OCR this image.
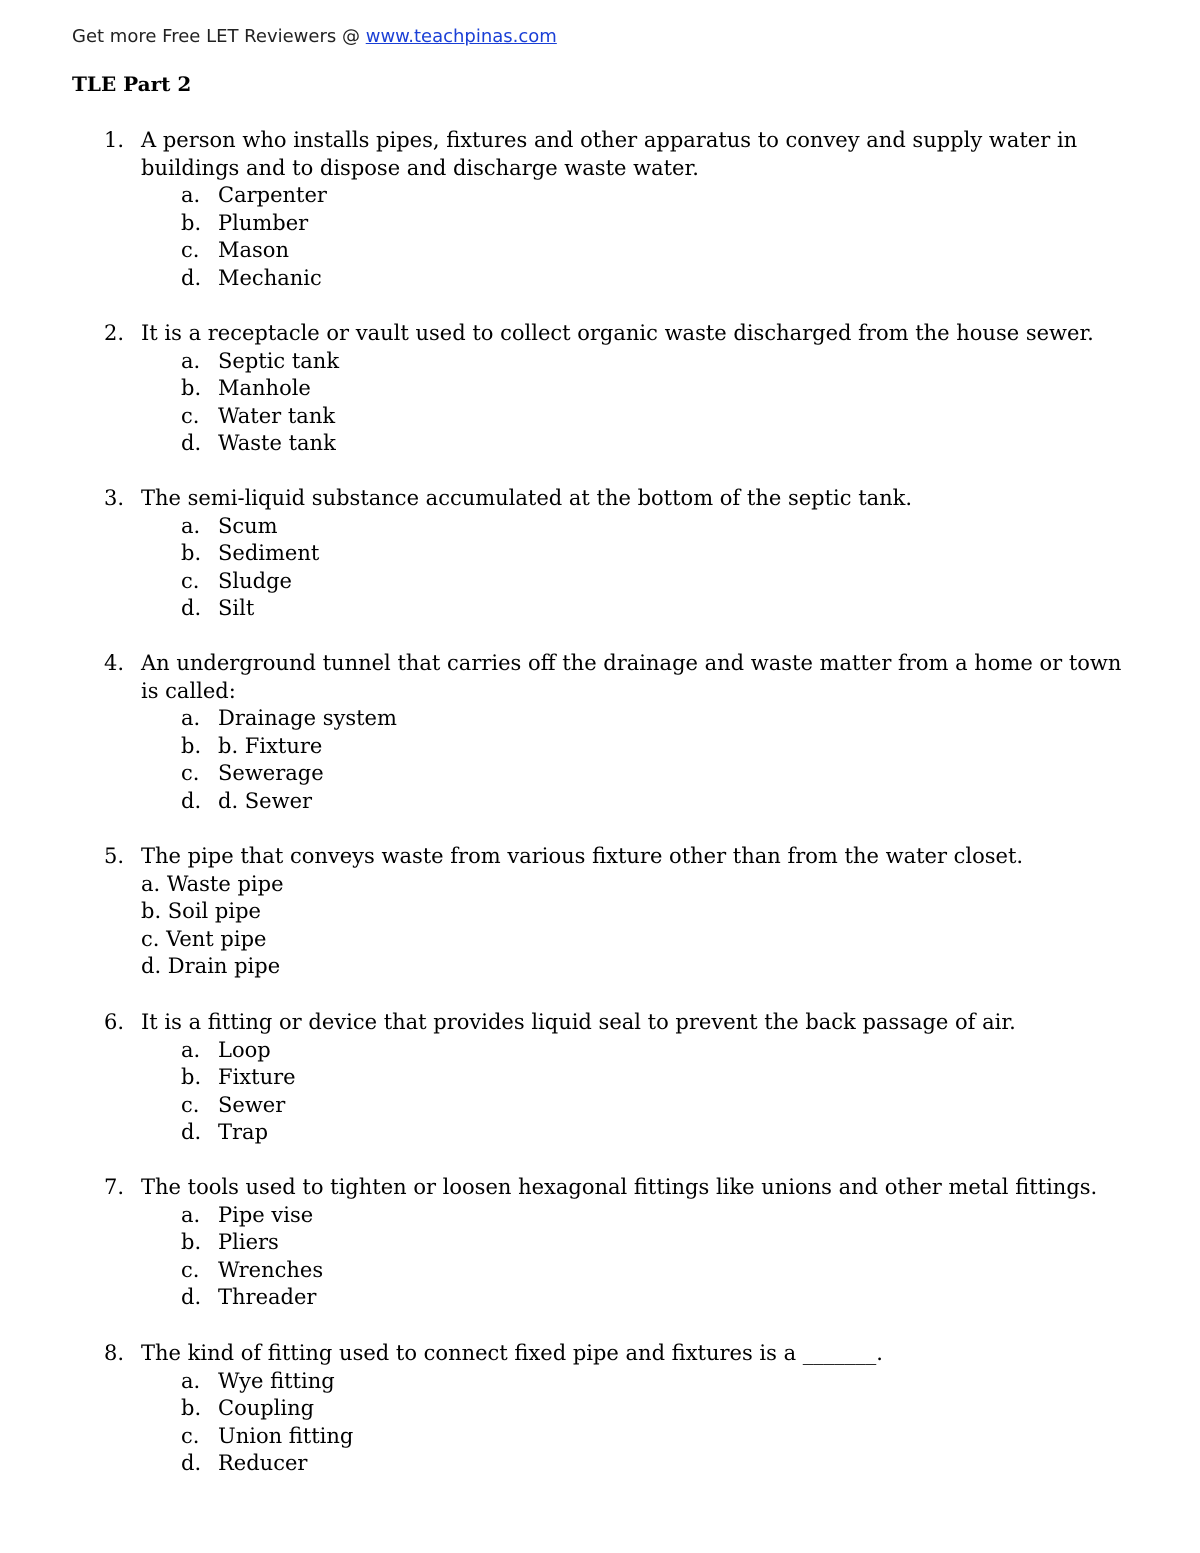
Get more Free LET Reviewers @ www.teachpinas.com
TLE Part 2
1. A person who installs pipes, fixtures and other apparatus to convey and supply water in buildings and to dispose and discharge waste water.
a. Carpenter
b. Plumber
c. Mason
d. Mechanic
2. It is a receptacle or vault used to collect organic waste discharged from the house sewer.
a. Septic tank
b. Manhole
c. Water tank
d. Waste tank
3. The semi-liquid substance accumulated at the bottom of the septic tank.
a. Scum
b. Sediment
c. Sludge
d. Silt
4. An underground tunnel that carries off the drainage and waste matter from a home or town is called:
a. Drainage system
b. b. Fixture
c. Sewerage
d. d. Sewer
5. The pipe that conveys waste from various fixture other than from the water closet.
a. Waste pipe
b. Soil pipe
c. Vent pipe
d. Drain pipe
6. It is a fitting or device that provides liquid seal to prevent the back passage of air.
a. Loop
b. Fixture
c. Sewer
d. Trap
7. The tools used to tighten or loosen hexagonal fittings like unions and other metal fittings.
a. Pipe vise
b. Pliers
c. Wrenches
d. Threader
8. The kind of fitting used to connect fixed pipe and fixtures is a _______.
a. Wye fitting
b. Coupling
c. Union fitting
d. Reducer
